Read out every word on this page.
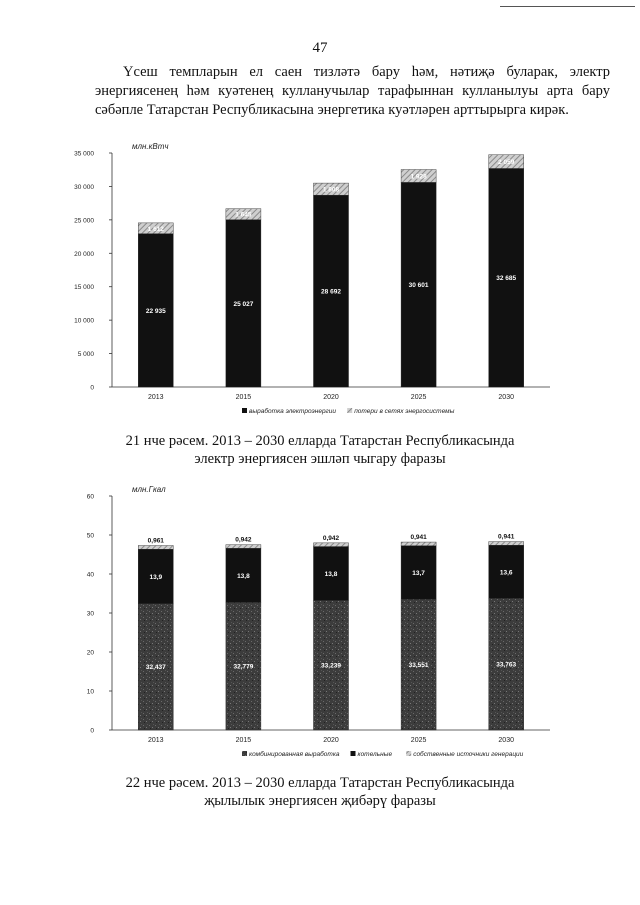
47
Үсеш темпларын ел саен тизләтә бару һәм, нәтиҗә буларак, электр энергиясенең һәм куәтенең кулланучылар тарафыннан кулланылуы арта бару сәбәпле Татарстан Республикасына энергетика куәтләрен арттырырга кирәк.
млн.кВтч
0
5 000
10 000
15 000
20 000
25 000
30 000
35 000
22 935
1 612
2013
25 027
1 645
2015
28 692
1 808
2020
30 601
1 928
2025
32 685
2 059
2030
выработка электроэнергии	потери в сетях энергосистемы
21 нче рәсем. 2013 – 2030 елларда Татарстан Республикасында
электр энергиясен эшләп чыгару фаразы
млн.Гкал
0
10
20
30
40
50
60
32,437
13,9
0,961
2013
32,779
13,8
0,942
2015
33,239
13,8
0,942
2020
33,551
13,7
0,941
2025
33,763
13,6
0,941
2030
комбинированная выработка	котельные	собственные источники генерации
22 нче рәсем. 2013 – 2030 елларда Татарстан Республикасында
җылылык энергиясен җибәрү фаразы
